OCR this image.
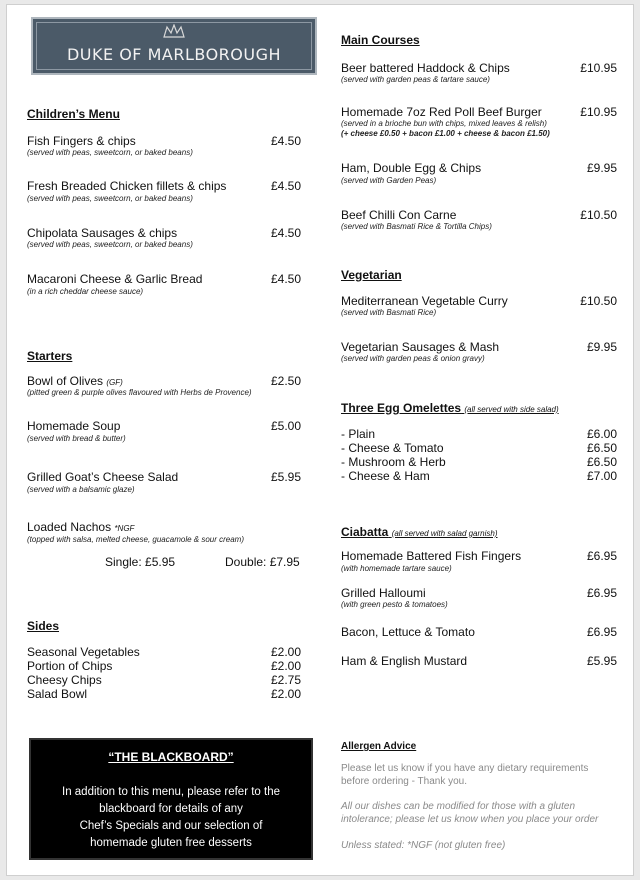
DUKE OF MARLBOROUGH
Children’s Menu
Fish Fingers & chips	£4.50
(served with peas, sweetcorn, or baked beans)
Fresh Breaded Chicken fillets & chips	£4.50
(served with peas, sweetcorn, or baked beans)
Chipolata Sausages & chips	£4.50
(served with peas, sweetcorn, or baked beans)
Macaroni Cheese & Garlic Bread	£4.50
(in a rich cheddar cheese sauce)
Starters
Bowl of Olives (GF)	£2.50
(pitted green & purple olives flavoured with Herbs de Provence)
Homemade Soup	£5.00
(served with bread & butter)
Grilled Goat’s Cheese Salad	£5.95
(served with a balsamic glaze)
Loaded Nachos *NGF
(topped with salsa, melted cheese, guacamole & sour cream)
Single: £5.95	Double: £7.95
Sides
Seasonal Vegetables	£2.00
Portion of Chips	£2.00
Cheesy Chips	£2.75
Salad Bowl	£2.00
“THE BLACKBOARD”
In addition to this menu, please refer to the
blackboard for details of any
Chef’s Specials and our selection of
homemade gluten free desserts
Main Courses
Beer battered Haddock & Chips	£10.95
(served with garden peas & tartare sauce)
Homemade 7oz Red Poll Beef Burger	£10.95
(served in a brioche bun with chips, mixed leaves & relish)
(+ cheese £0.50 + bacon £1.00 + cheese & bacon £1.50)
Ham, Double Egg & Chips	£9.95
(served with Garden Peas)
Beef Chilli Con Carne	£10.50
(served with Basmati Rice & Tortilla Chips)
Vegetarian
Mediterranean Vegetable Curry	£10.50
(served with Basmati Rice)
Vegetarian Sausages & Mash	£9.95
(served with garden peas & onion gravy)
Three Egg Omelettes (all served with side salad)
- Plain	£6.00
- Cheese & Tomato	£6.50
- Mushroom & Herb	£6.50
- Cheese & Ham	£7.00
Ciabatta (all served with salad garnish)
Homemade Battered Fish Fingers	£6.95
(with homemade tartare sauce)
Grilled Halloumi	£6.95
(with green pesto & tomatoes)
Bacon, Lettuce & Tomato	£6.95
Ham & English Mustard	£5.95
Allergen Advice
Please let us know if you have any dietary requirements
before ordering - Thank you.
All our dishes can be modified for those with a gluten
intolerance; please let us know when you place your order
Unless stated: *NGF (not gluten free)
